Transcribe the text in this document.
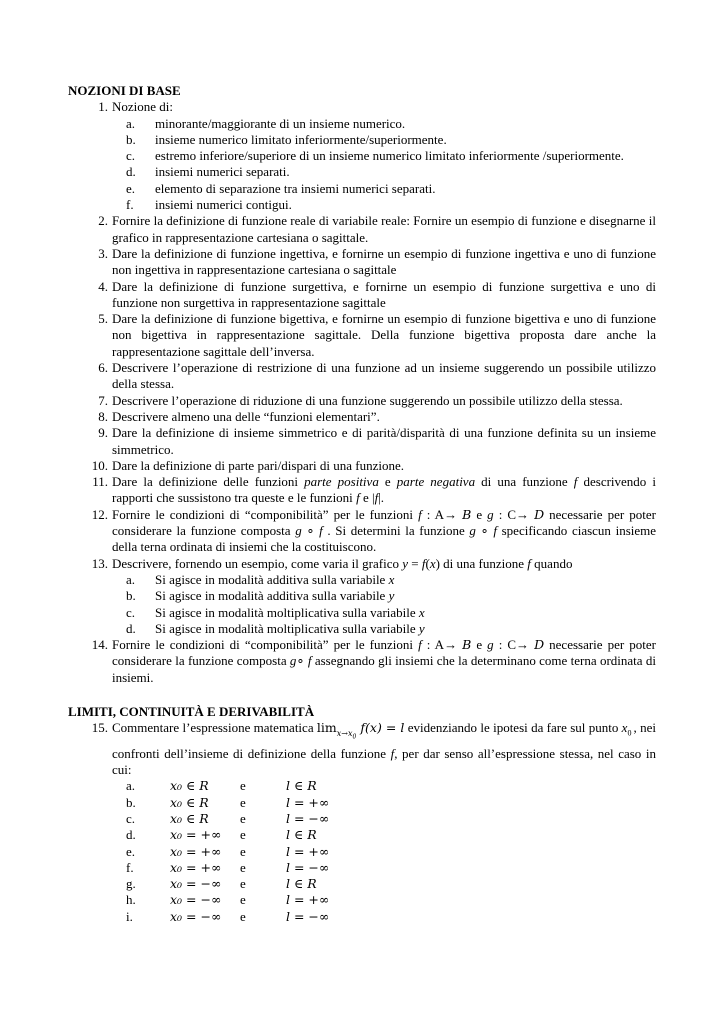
NOZIONI DI BASE
1. Nozione di:
a. minorante/maggiorante di un insieme numerico.
b. insieme numerico limitato inferiormente/superiormente.
c. estremo inferiore/superiore di un insieme numerico limitato inferiormente /superiormente.
d. insiemi numerici separati.
e. elemento di separazione tra insiemi numerici separati.
f. insiemi numerici contigui.
2. Fornire la definizione di funzione reale di variabile reale: Fornire un esempio di funzione e disegnarne il grafico in rappresentazione cartesiana o sagittale.
3. Dare la definizione di funzione ingettiva, e fornirne un esempio di funzione ingettiva e uno di funzione non ingettiva in rappresentazione cartesiana o sagittale
4. Dare la definizione di funzione surgettiva, e fornirne un esempio di funzione surgettiva e uno di funzione non surgettiva in rappresentazione sagittale
5. Dare la definizione di funzione bigettiva, e fornirne un esempio di funzione bigettiva e uno di funzione non bigettiva in rappresentazione sagittale. Della funzione bigettiva proposta dare anche la rappresentazione sagittale dell’inversa.
6. Descrivere l’operazione di restrizione di una funzione ad un insieme suggerendo un possibile utilizzo della stessa.
7. Descrivere l’operazione di riduzione di una funzione suggerendo un possibile utilizzo della stessa.
8. Descrivere almeno una delle “funzioni elementari”.
9. Dare la definizione di insieme simmetrico e di parità/disparità di una funzione definita su un insieme simmetrico.
10. Dare la definizione di parte pari/dispari di una funzione.
11. Dare la definizione delle funzioni parte positiva e parte negativa di una funzione f descrivendo i rapporti che sussistono tra queste e le funzioni f e |f|.
12. Fornire le condizioni di “componibilità” per le funzioni f : A→ B e g : C→ D necessarie per poter considerare la funzione composta g ∘ f . Si determini la funzione g ∘ f specificando ciascun insieme della terna ordinata di insiemi che la costituiscono.
13. Descrivere, fornendo un esempio, come varia il grafico y = f(x) di una funzione f quando
a. Si agisce in modalità additiva sulla variabile x
b. Si agisce in modalità additiva sulla variabile y
c. Si agisce in modalità moltiplicativa sulla variabile x
d. Si agisce in modalità moltiplicativa sulla variabile y
14. Fornire le condizioni di “componibilità” per le funzioni f : A→ B e g : C→ D necessarie per poter considerare la funzione composta g∘ f assegnando gli insiemi che la determinano come terna ordinata di insiemi.
LIMITI, CONTINUITÀ E DERIVABILITÀ
15. Commentare l’espressione matematica $\lim_{x\to x_0} f(x) = l$ evidenziando le ipotesi da fare sul punto $x_0$ , nei confronti dell’insieme di definizione della funzione f, per dar senso all’espressione stessa, nel caso in cui:
a.	x₀ ∈ R e	l ∈ R
b.	x₀ ∈ R e	l = +∞
c.	x₀ ∈ R e	l = −∞
d.	x₀ = +∞ e	l ∈ R
e.	x₀ = +∞ e	l = +∞
f.	x₀ = +∞ e	l = −∞
g.	x₀ = −∞ e	l ∈ R
h.	x₀ = −∞ e	l = +∞
i.	x₀ = −∞ e	l = −∞
